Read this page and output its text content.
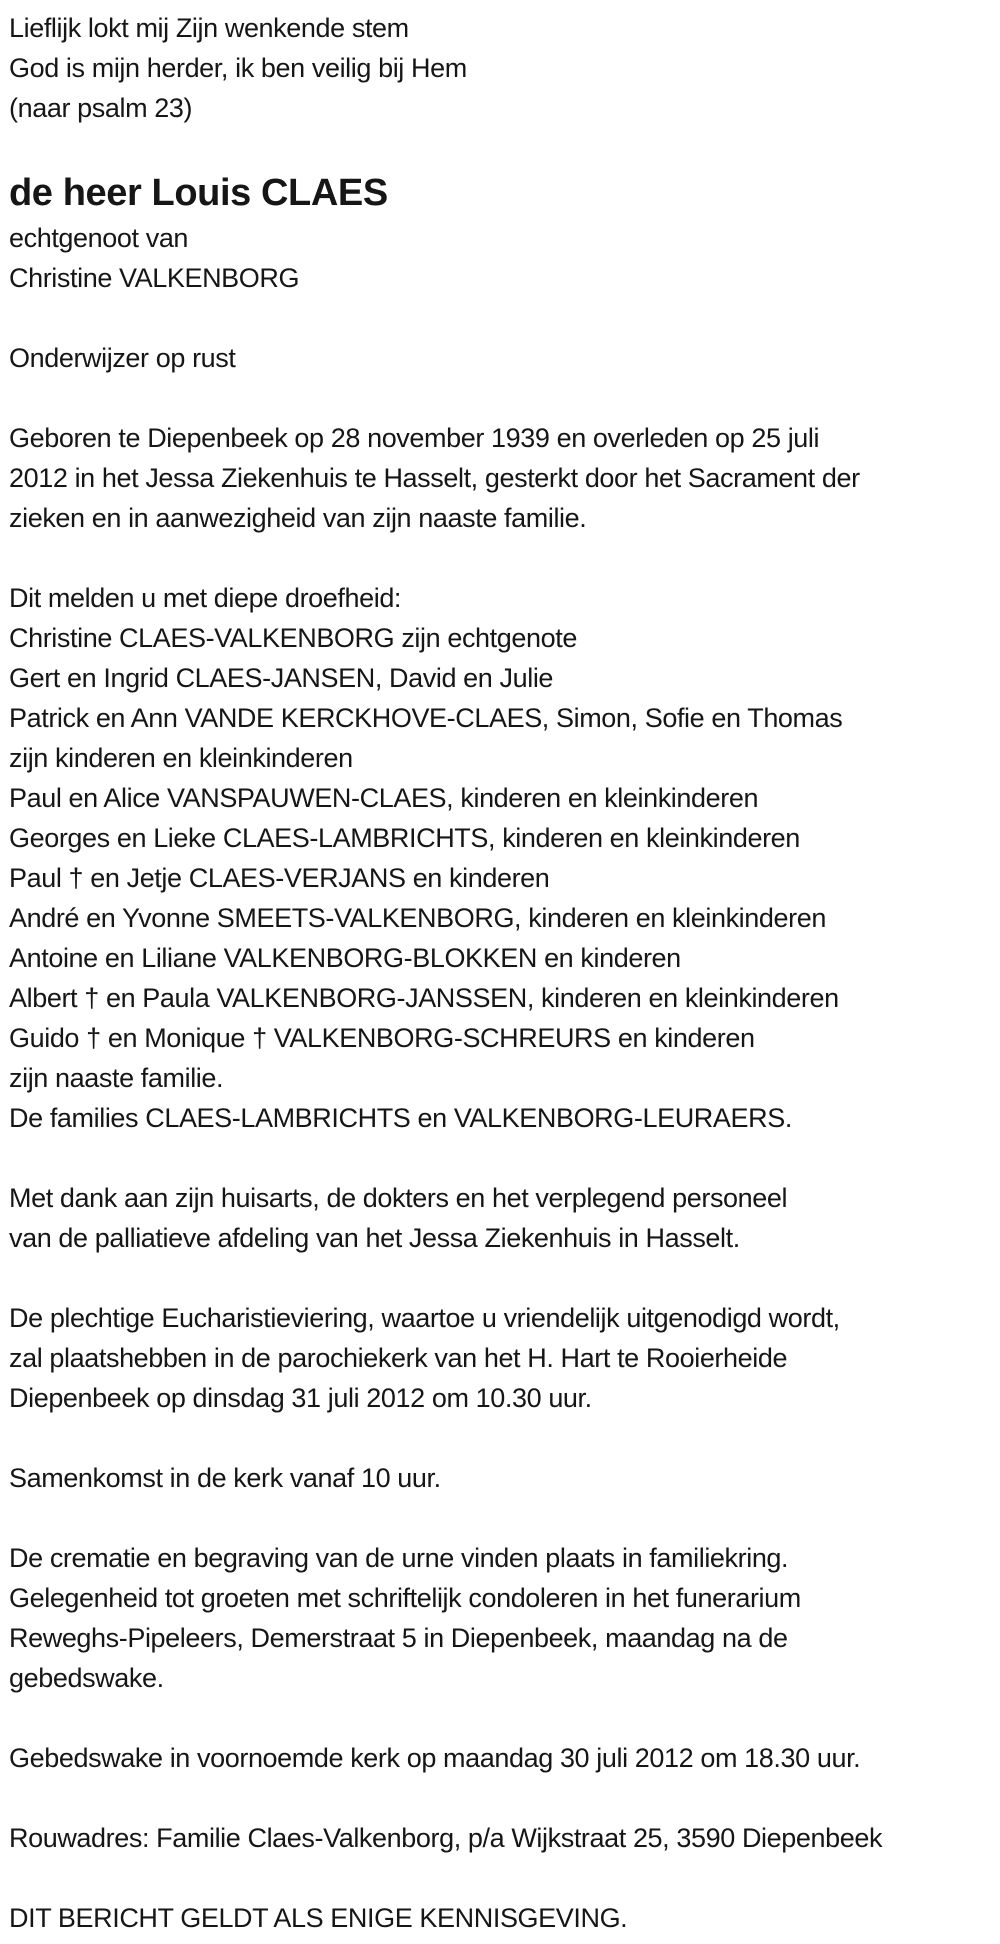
Lieflijk lokt mij Zijn wenkende stem
God is mijn herder, ik ben veilig bij Hem
(naar psalm 23)
de heer Louis CLAES
echtgenoot van
Christine VALKENBORG
Onderwijzer op rust
Geboren te Diepenbeek op 28 november 1939 en overleden op 25 juli
2012 in het Jessa Ziekenhuis te Hasselt, gesterkt door het Sacrament der
zieken en in aanwezigheid van zijn naaste familie.
Dit melden u met diepe droefheid:
Christine CLAES-VALKENBORG zijn echtgenote
Gert en Ingrid CLAES-JANSEN, David en Julie
Patrick en Ann VANDE KERCKHOVE-CLAES, Simon, Sofie en Thomas
zijn kinderen en kleinkinderen
Paul en Alice VANSPAUWEN-CLAES, kinderen en kleinkinderen
Georges en Lieke CLAES-LAMBRICHTS, kinderen en kleinkinderen
Paul † en Jetje CLAES-VERJANS en kinderen
André en Yvonne SMEETS-VALKENBORG, kinderen en kleinkinderen
Antoine en Liliane VALKENBORG-BLOKKEN en kinderen
Albert † en Paula VALKENBORG-JANSSEN, kinderen en kleinkinderen
Guido † en Monique † VALKENBORG-SCHREURS en kinderen
zijn naaste familie.
De families CLAES-LAMBRICHTS en VALKENBORG-LEURAERS.
Met dank aan zijn huisarts, de dokters en het verplegend personeel
van de palliatieve afdeling van het Jessa Ziekenhuis in Hasselt.
De plechtige Eucharistieviering, waartoe u vriendelijk uitgenodigd wordt,
zal plaatshebben in de parochiekerk van het H. Hart te Rooierheide
Diepenbeek op dinsdag 31 juli 2012 om 10.30 uur.
Samenkomst in de kerk vanaf 10 uur.
De crematie en begraving van de urne vinden plaats in familiekring.
Gelegenheid tot groeten met schriftelijk condoleren in het funerarium
Reweghs-Pipeleers, Demerstraat 5 in Diepenbeek, maandag na de
gebedswake.
Gebedswake in voornoemde kerk op maandag 30 juli 2012 om 18.30 uur.
Rouwadres: Familie Claes-Valkenborg, p/a Wijkstraat 25, 3590 Diepenbeek
DIT BERICHT GELDT ALS ENIGE KENNISGEVING.
